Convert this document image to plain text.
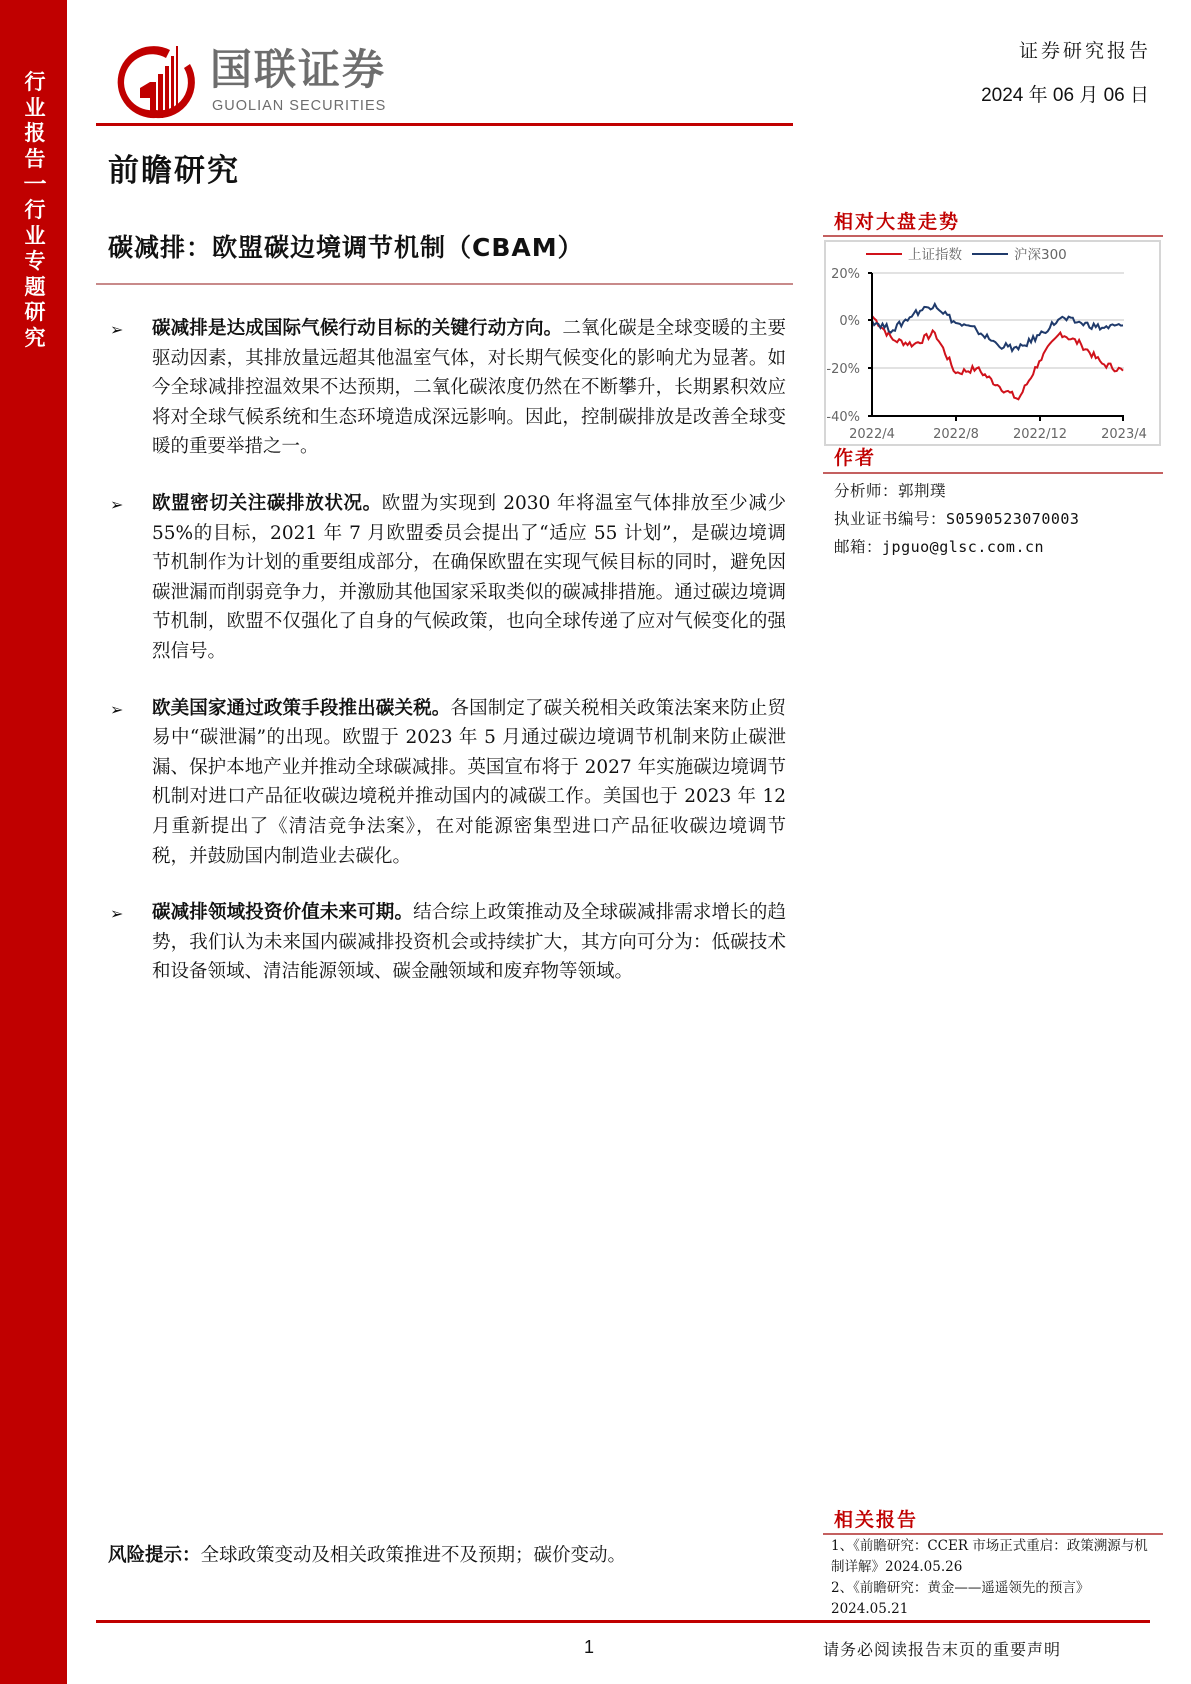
行
业
报
告
一
行
业
专
题
研
究
国联证券
GUOLIAN SECURITIES
证券研究报告
2024 年 06 月 06 日
前瞻研究
碳减排：欧盟碳边境调节机制（CBAM）
➢ 碳减排是达成国际气候行动目标的关键行动方向。二氧化碳是全球变暖的主要驱动因素，其排放量远超其他温室气体，对长期气候变化的影响尤为显著。如今全球减排控温效果不达预期，二氧化碳浓度仍然在不断攀升，长期累积效应将对全球气候系统和生态环境造成深远影响。因此，控制碳排放是改善全球变暖的重要举措之一。
➢ 欧盟密切关注碳排放状况。欧盟为实现到 2030 年将温室气体排放至少减少 55%的目标，2021 年 7 月欧盟委员会提出了“适应 55 计划”，是碳边境调节机制作为计划的重要组成部分，在确保欧盟在实现气候目标的同时，避免因碳泄漏而削弱竞争力，并激励其他国家采取类似的碳减排措施。通过碳边境调节机制，欧盟不仅强化了自身的气候政策，也向全球传递了应对气候变化的强烈信号。
➢ 欧美国家通过政策手段推出碳关税。各国制定了碳关税相关政策法案来防止贸易中“碳泄漏”的出现。欧盟于 2023 年 5 月通过碳边境调节机制来防止碳泄漏、保护本地产业并推动全球碳减排。英国宣布将于 2027 年实施碳边境调节机制对进口产品征收碳边境税并推动国内的减碳工作。美国也于 2023 年 12 月重新提出了《清洁竞争法案》，在对能源密集型进口产品征收碳边境调节税，并鼓励国内制造业去碳化。
➢ 碳减排领域投资价值未来可期。结合综上政策推动及全球碳减排需求增长的趋势，我们认为未来国内碳减排投资机会或持续扩大，其方向可分为：低碳技术和设备领域、清洁能源领域、碳金融领域和废弃物等领域。
风险提示：全球政策变动及相关政策推进不及预期；碳价变动。
相对大盘走势
上证指数	沪深300
20%
0%
-20%
-40%
2022/4	2022/8	2022/12	2023/4
作者
分析师：郭荆璞
执业证书编号：S0590523070003
邮箱：jpguo@glsc.com.cn
相关报告
1、《前瞻研究：CCER 市场正式重启：政策溯源与机制详解》2024.05.26
2、《前瞻研究：黄金——遥遥领先的预言》2024.05.21
1	请务必阅读报告末页的重要声明
